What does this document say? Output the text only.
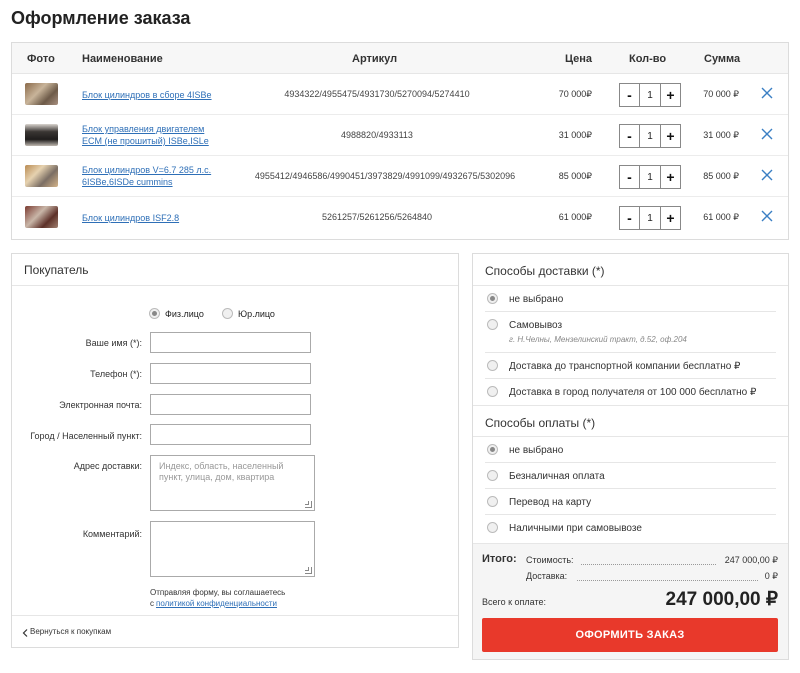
Оформление заказа
Фото Наименование	Артикул	Цена	Кол-во	Сумма
Блок цилиндров в сборе 4ISBe	4934322/4955475/4931730/5270094/5274410	70 000₽	-	1 +	70 000 ₽
Блок управления двигателем
ECM (не прошитый) ISBe,ISLe
4988820/4933113	31 000₽	-	1 +	31 000 ₽
Блок цилиндров V=6.7 285 л.с.
6ISBe,6ISDe cummins
4955412/4946586/4990451/3973829/4991099/4932675/5302096	85 000₽	-	1 +	85 000 ₽
Блок цилиндров ISF2.8	5261257/5261256/5264840	61 000₽	-	1 +	61 000 ₽
Покупатель
Физ.лицо	Юр.лицо
Ваше имя (*):
Телефон (*):
Электронная почта:
Город / Населенный пункт:
Адрес доставки:	Индекс, область, населенный пункт, улица, дом, квартира
Комментарий:
Отправляя форму, вы соглашаетесь
с политикой конфиденциальности
Вернуться к покупкам
Способы доставки (*)
не выбрано
Самовывоз
г. Н.Челны, Мензелинский тракт, д.52, оф.204
Доставка до транспортной компании бесплатно ₽
Доставка в город получателя от 100 000 бесплатно ₽
Способы оплаты (*)
не выбрано
Безналичная оплата
Перевод на карту
Наличными при самовывозе
Итого: Стоимость:	247 000,00 ₽
Доставка:	0 ₽
Всего к оплате:	247 000,00 ₽
ОФОРМИТЬ ЗАКАЗ
